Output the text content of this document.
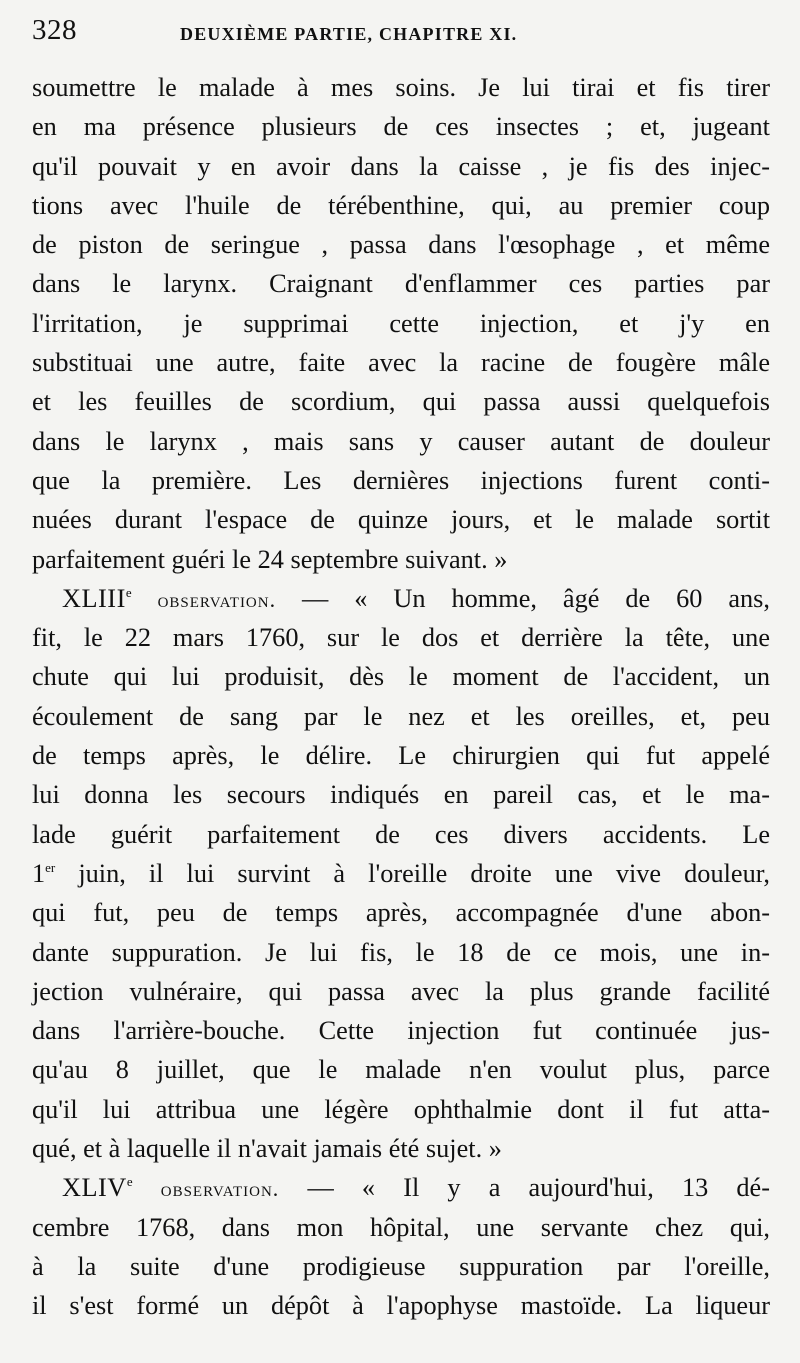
328	DEUXIÈME PARTIE, CHAPITRE XI.
soumettre le malade à mes soins. Je lui tirai et fis tirer
en ma présence plusieurs de ces insectes ; et, jugeant
qu'il pouvait y en avoir dans la caisse , je fis des injec-
tions avec l'huile de térébenthine, qui, au premier coup
de piston de seringue , passa dans l'œsophage , et même
dans le larynx. Craignant d'enflammer ces parties par
l'irritation, je supprimai cette injection, et j'y en
substituai une autre, faite avec la racine de fougère mâle
et les feuilles de scordium, qui passa aussi quelquefois
dans le larynx , mais sans y causer autant de douleur
que la première. Les dernières injections furent conti-
nuées durant l'espace de quinze jours, et le malade sortit
parfaitement guéri le 24 septembre suivant. »
XLIIIe observation. — « Un homme, âgé de 60 ans,
fit, le 22 mars 1760, sur le dos et derrière la tête, une
chute qui lui produisit, dès le moment de l'accident, un
écoulement de sang par le nez et les oreilles, et, peu
de temps après, le délire. Le chirurgien qui fut appelé
lui donna les secours indiqués en pareil cas, et le ma-
lade guérit parfaitement de ces divers accidents. Le
1er juin, il lui survint à l'oreille droite une vive douleur,
qui fut, peu de temps après, accompagnée d'une abon-
dante suppuration. Je lui fis, le 18 de ce mois, une in-
jection vulnéraire, qui passa avec la plus grande facilité
dans l'arrière-bouche. Cette injection fut continuée jus-
qu'au 8 juillet, que le malade n'en voulut plus, parce
qu'il lui attribua une légère ophthalmie dont il fut atta-
qué, et à laquelle il n'avait jamais été sujet. »
XLIVe observation. — « Il y a aujourd'hui, 13 dé-
cembre 1768, dans mon hôpital, une servante chez qui,
à la suite d'une prodigieuse suppuration par l'oreille,
il s'est formé un dépôt à l'apophyse mastoïde. La liqueur
